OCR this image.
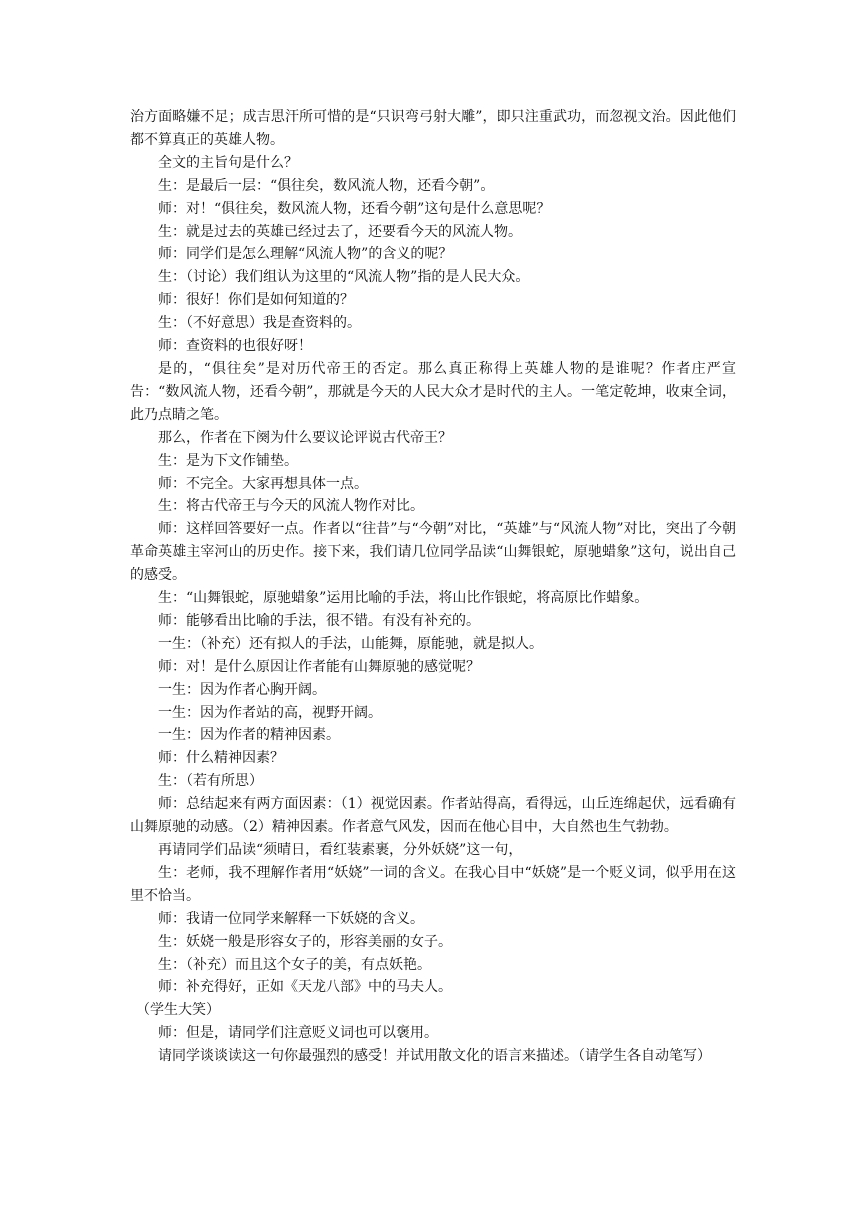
治方面略嫌不足；成吉思汗所可惜的是“只识弯弓射大雕”，即只注重武功，而忽视文治。因此他们都不算真正的英雄人物。

全文的主旨句是什么？

生：是最后一层：“俱往矣，数风流人物，还看今朝”。

师：对！“俱往矣，数风流人物，还看今朝”这句是什么意思呢？

生：就是过去的英雄已经过去了，还要看今天的风流人物。

师：同学们是怎么理解“风流人物”的含义的呢？

生：（讨论）我们组认为这里的“风流人物”指的是人民大众。

师：很好！你们是如何知道的？

生：（不好意思）我是查资料的。

师：查资料的也很好呀！

是的，“俱往矣”是对历代帝王的否定。那么真正称得上英雄人物的是谁呢？作者庄严宣告：“数风流人物，还看今朝”，那就是今天的人民大众才是时代的主人。一笔定乾坤，收束全词，此乃点睛之笔。

那么，作者在下阕为什么要议论评说古代帝王？

生：是为下文作铺垫。

师：不完全。大家再想具体一点。

生：将古代帝王与今天的风流人物作对比。

师：这样回答要好一点。作者以“往昔”与“今朝”对比，“英雄”与“风流人物”对比，突出了今朝革命英雄主宰河山的历史作。接下来，我们请几位同学品读“山舞银蛇，原驰蜡象”这句，说出自己的感受。

生：“山舞银蛇，原驰蜡象”运用比喻的手法，将山比作银蛇，将高原比作蜡象。

师：能够看出比喻的手法，很不错。有没有补充的。

一生：（补充）还有拟人的手法，山能舞，原能驰，就是拟人。

师：对！是什么原因让作者能有山舞原驰的感觉呢？

一生：因为作者心胸开阔。

一生：因为作者站的高，视野开阔。

一生：因为作者的精神因素。

师：什么精神因素？

生：（若有所思）

师：总结起来有两方面因素：（1）视觉因素。作者站得高，看得远，山丘连绵起伏，远看确有山舞原驰的动感。（2）精神因素。作者意气风发，因而在他心目中，大自然也生气勃勃。

再请同学们品读“须晴日，看红装素裹，分外妖娆”这一句，

生：老师，我不理解作者用“妖娆”一词的含义。在我心目中“妖娆”是一个贬义词，似乎用在这里不恰当。

师：我请一位同学来解释一下妖娆的含义。

生：妖娆一般是形容女子的，形容美丽的女子。

生：（补充）而且这个女子的美，有点妖艳。

师：补充得好，正如《天龙八部》中的马夫人。

（学生大笑）

师：但是，请同学们注意贬义词也可以褒用。

请同学谈谈读这一句你最强烈的感受！并试用散文化的语言来描述。（请学生各自动笔写）
